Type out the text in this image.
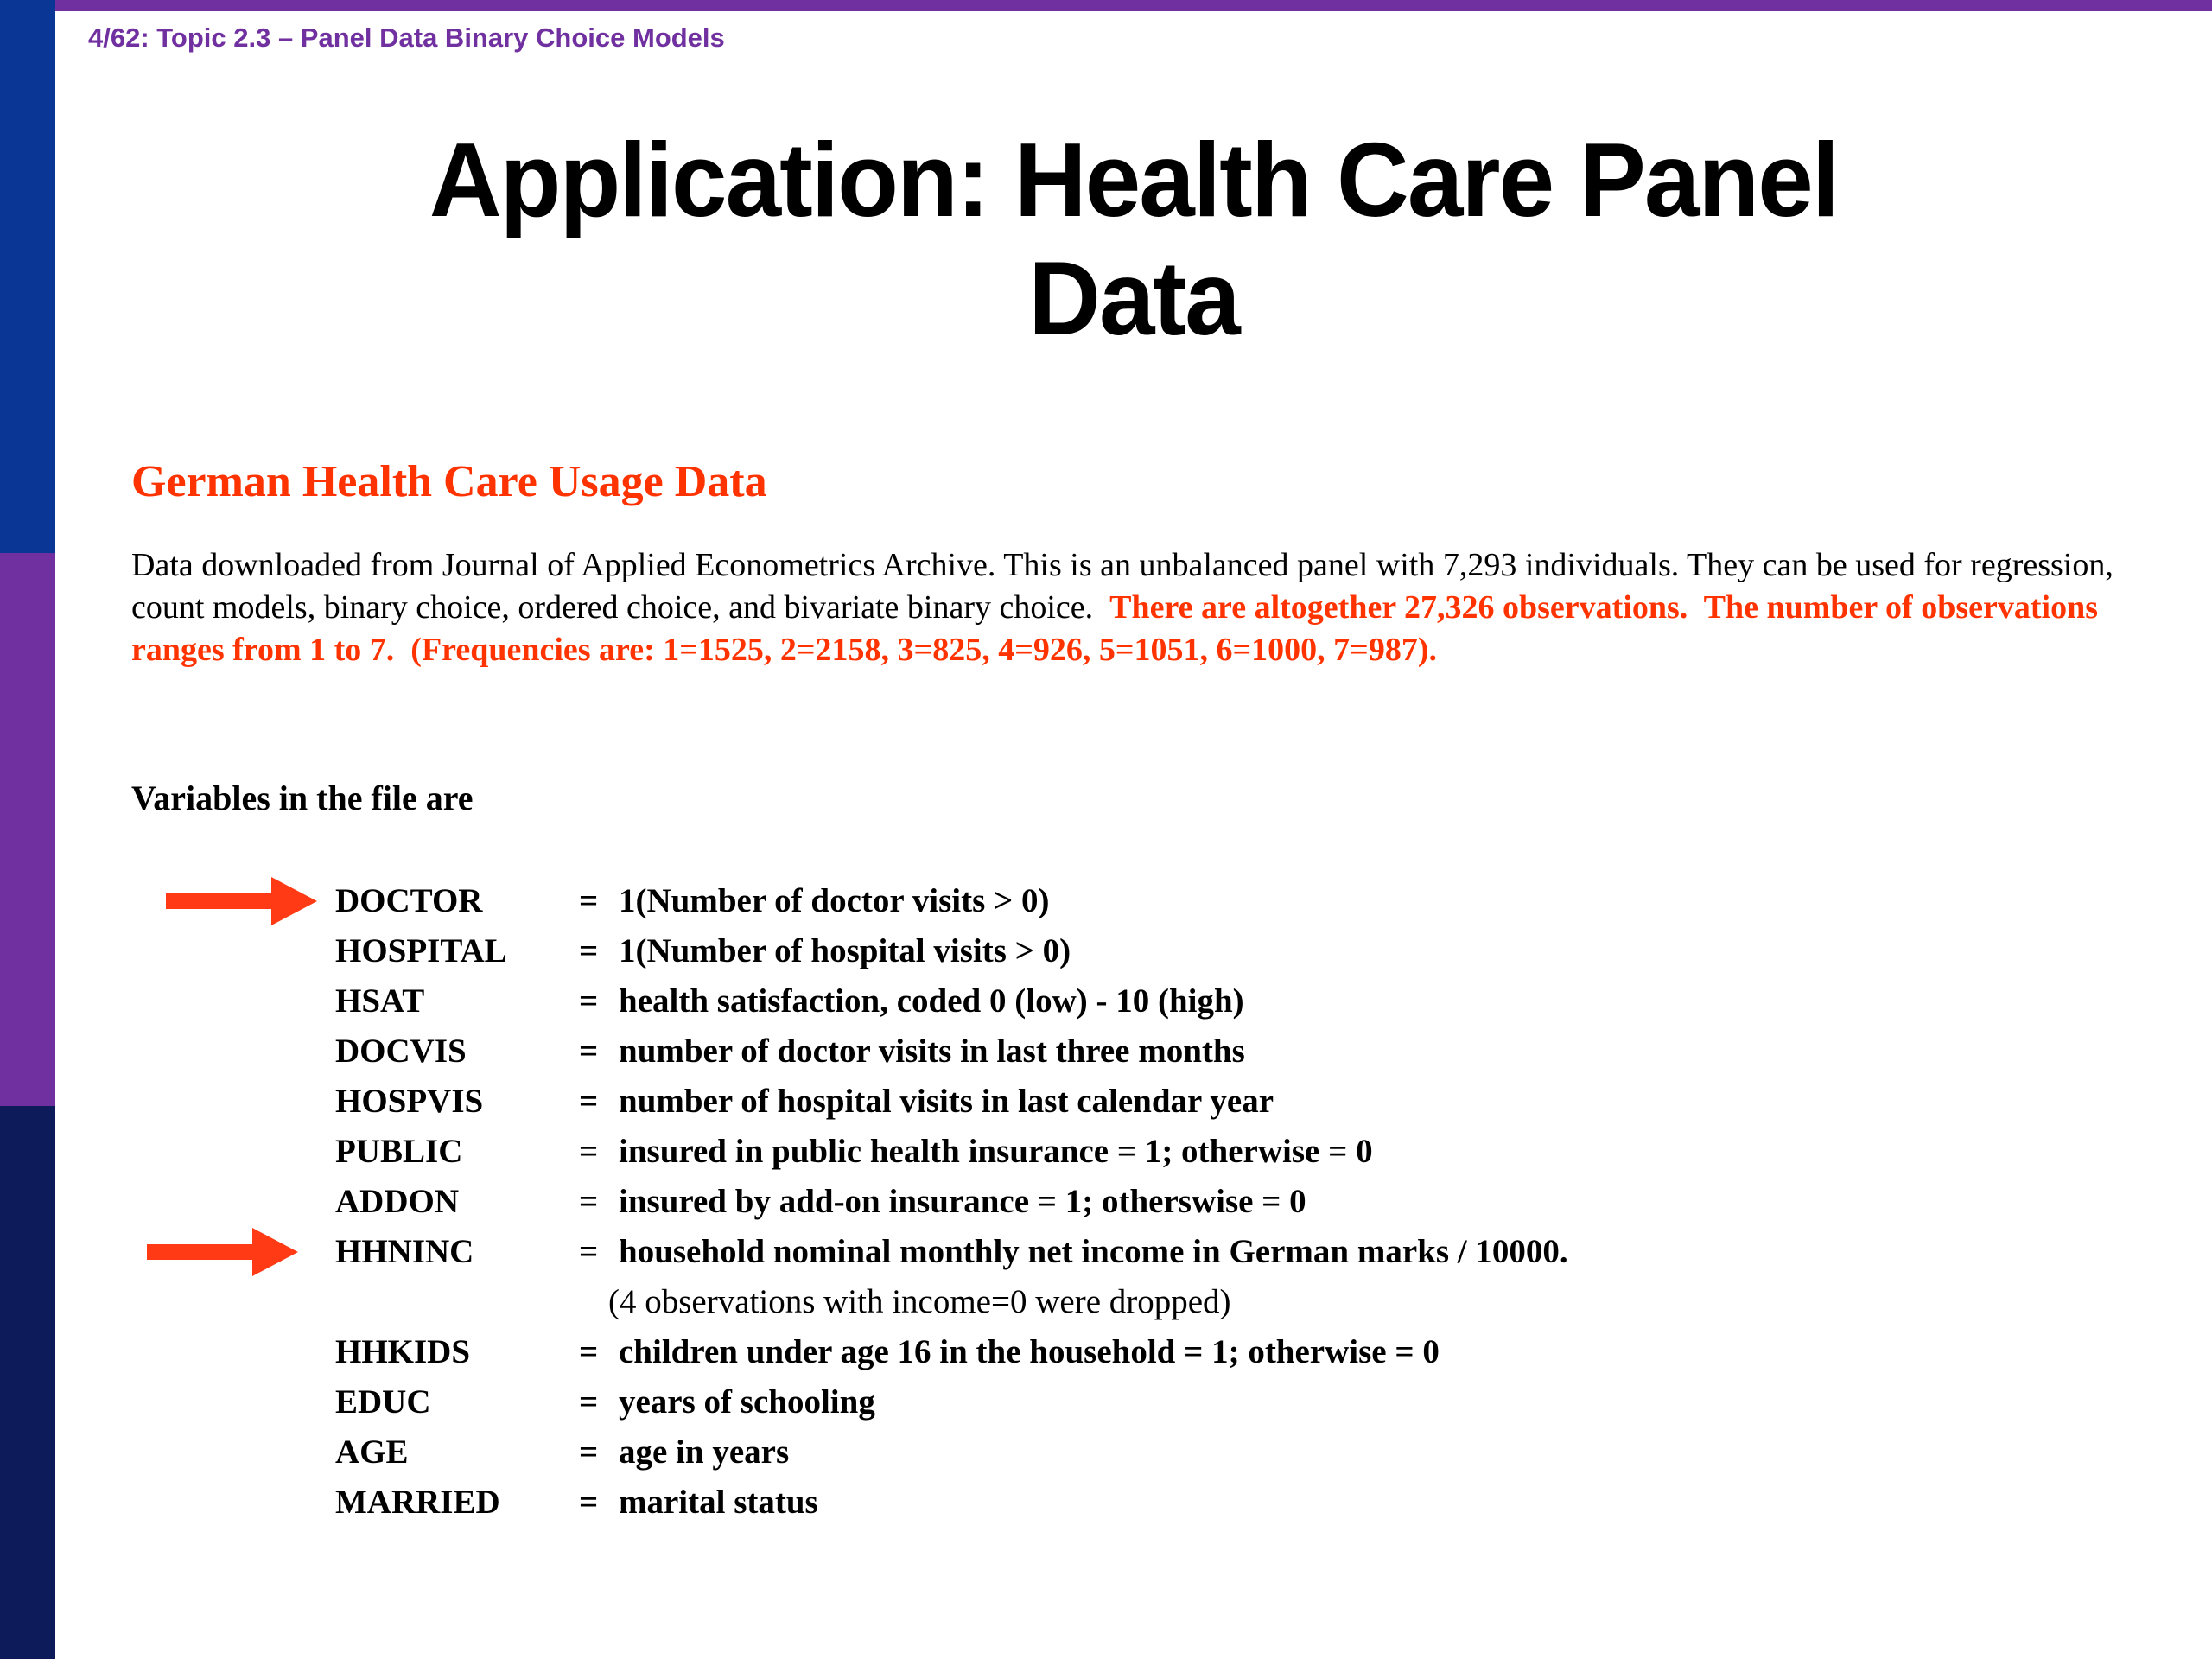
4/62: Topic 2.3 – Panel Data Binary Choice Models
Application: Health Care Panel
Data
German Health Care Usage Data
Data downloaded from Journal of Applied Econometrics Archive. This is an unbalanced panel with 7,293 individuals. They can be used for regression, count models, binary choice, ordered choice, and bivariate binary choice.  There are altogether 27,326 observations.  The number of observations ranges from 1 to 7.  (Frequencies are: 1=1525, 2=2158, 3=825, 4=926, 5=1051, 6=1000, 7=987).
Variables in the file are
DOCTOR	= 1(Number of doctor visits > 0)
HOSPITAL	= 1(Number of hospital visits > 0)
HSAT	= health satisfaction, coded 0 (low) - 10 (high)
DOCVIS	= number of doctor visits in last three months
HOSPVIS	= number of hospital visits in last calendar year
PUBLIC	= insured in public health insurance = 1; otherwise = 0
ADDON	= insured by add-on insurance = 1; otherswise = 0
HHNINC	= household nominal monthly net income in German marks / 10000.
(4 observations with income=0 were dropped)
HHKIDS	= children under age 16 in the household = 1; otherwise = 0
EDUC	= years of schooling
AGE	= age in years
MARRIED	= marital status
